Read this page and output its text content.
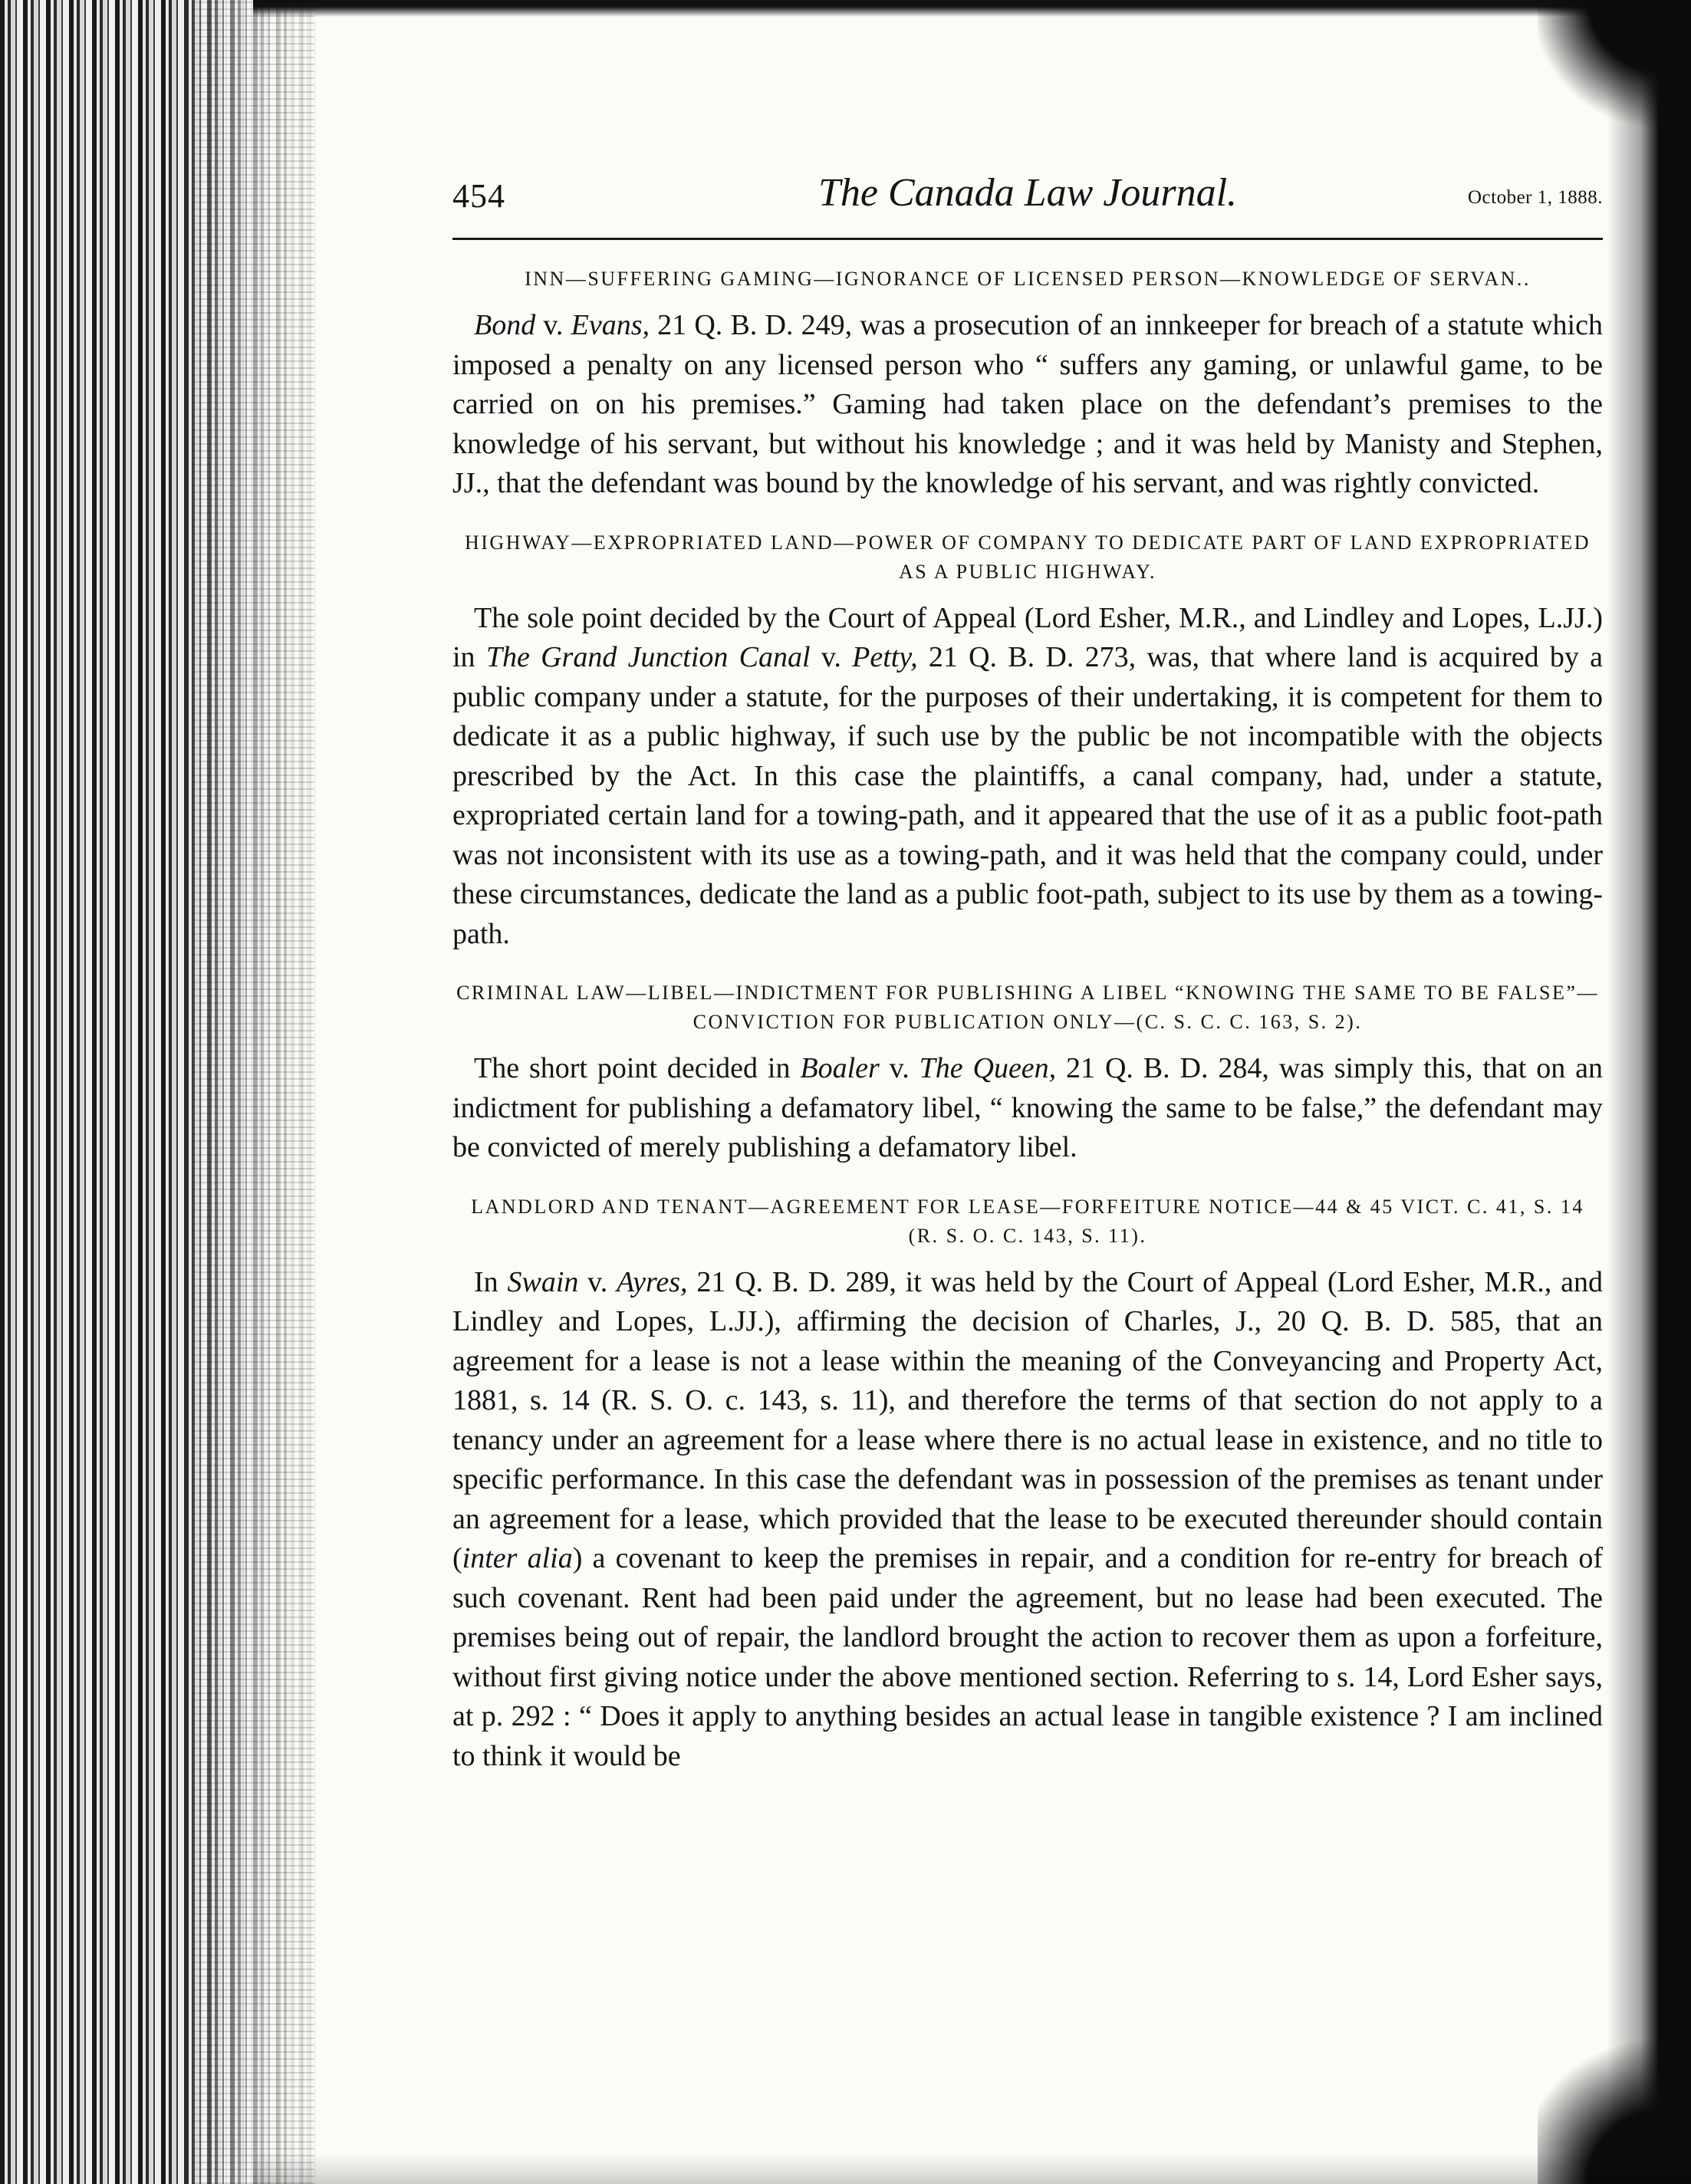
454	The Canada Law Journal.	October 1, 1888.
INN—SUFFERING GAMING—IGNORANCE OF LICENSED PERSON—KNOWLEDGE OF SERVAN..

Bond v. Evans, 21 Q. B. D. 249, was a prosecution of an innkeeper for breach of a statute which imposed a penalty on any licensed person who “ suffers any gaming, or unlawful game, to be carried on on his premises.” Gaming had taken place on the defendant’s premises to the knowledge of his servant, but without his knowledge ; and it was held by Manisty and Stephen, JJ., that the defendant was bound by the knowledge of his servant, and was rightly convicted.

HIGHWAY—EXPROPRIATED LAND—POWER OF COMPANY TO DEDICATE PART OF LAND EXPROPRIATED AS A PUBLIC HIGHWAY.

The sole point decided by the Court of Appeal (Lord Esher, M.R., and Lindley and Lopes, L.JJ.) in The Grand Junction Canal v. Petty, 21 Q. B. D. 273, was, that where land is acquired by a public company under a statute, for the purposes of their undertaking, it is competent for them to dedicate it as a public highway, if such use by the public be not incompatible with the objects prescribed by the Act. In this case the plaintiffs, a canal company, had, under a statute, expropriated certain land for a towing-path, and it appeared that the use of it as a public foot-path was not inconsistent with its use as a towing-path, and it was held that the company could, under these circumstances, dedicate the land as a public foot-path, subject to its use by them as a towing-path.

CRIMINAL LAW—LIBEL—INDICTMENT FOR PUBLISHING A LIBEL “KNOWING THE SAME TO BE FALSE”—CONVICTION FOR PUBLICATION ONLY—(C. S. C. C. 163, S. 2).

The short point decided in Boaler v. The Queen, 21 Q. B. D. 284, was simply this, that on an indictment for publishing a defamatory libel, “ knowing the same to be false,” the defendant may be convicted of merely publishing a defamatory libel.

LANDLORD AND TENANT—AGREEMENT FOR LEASE—FORFEITURE NOTICE—44 & 45 VICT. C. 41, S. 14 (R. S. O. C. 143, S. 11).

In Swain v. Ayres, 21 Q. B. D. 289, it was held by the Court of Appeal (Lord Esher, M.R., and Lindley and Lopes, L.JJ.), affirming the decision of Charles, J., 20 Q. B. D. 585, that an agreement for a lease is not a lease within the meaning of the Conveyancing and Property Act, 1881, s. 14 (R. S. O. c. 143, s. 11), and therefore the terms of that section do not apply to a tenancy under an agreement for a lease where there is no actual lease in existence, and no title to specific performance. In this case the defendant was in possession of the premises as tenant under an agreement for a lease, which provided that the lease to be executed thereunder should contain (inter alia) a covenant to keep the premises in repair, and a condition for re-entry for breach of such covenant. Rent had been paid under the agreement, but no lease had been executed. The premises being out of repair, the landlord brought the action to recover them as upon a forfeiture, without first giving notice under the above mentioned section. Referring to s. 14, Lord Esher says, at p. 292 : “ Does it apply to anything besides an actual lease in tangible existence ? I am inclined to think it would be
